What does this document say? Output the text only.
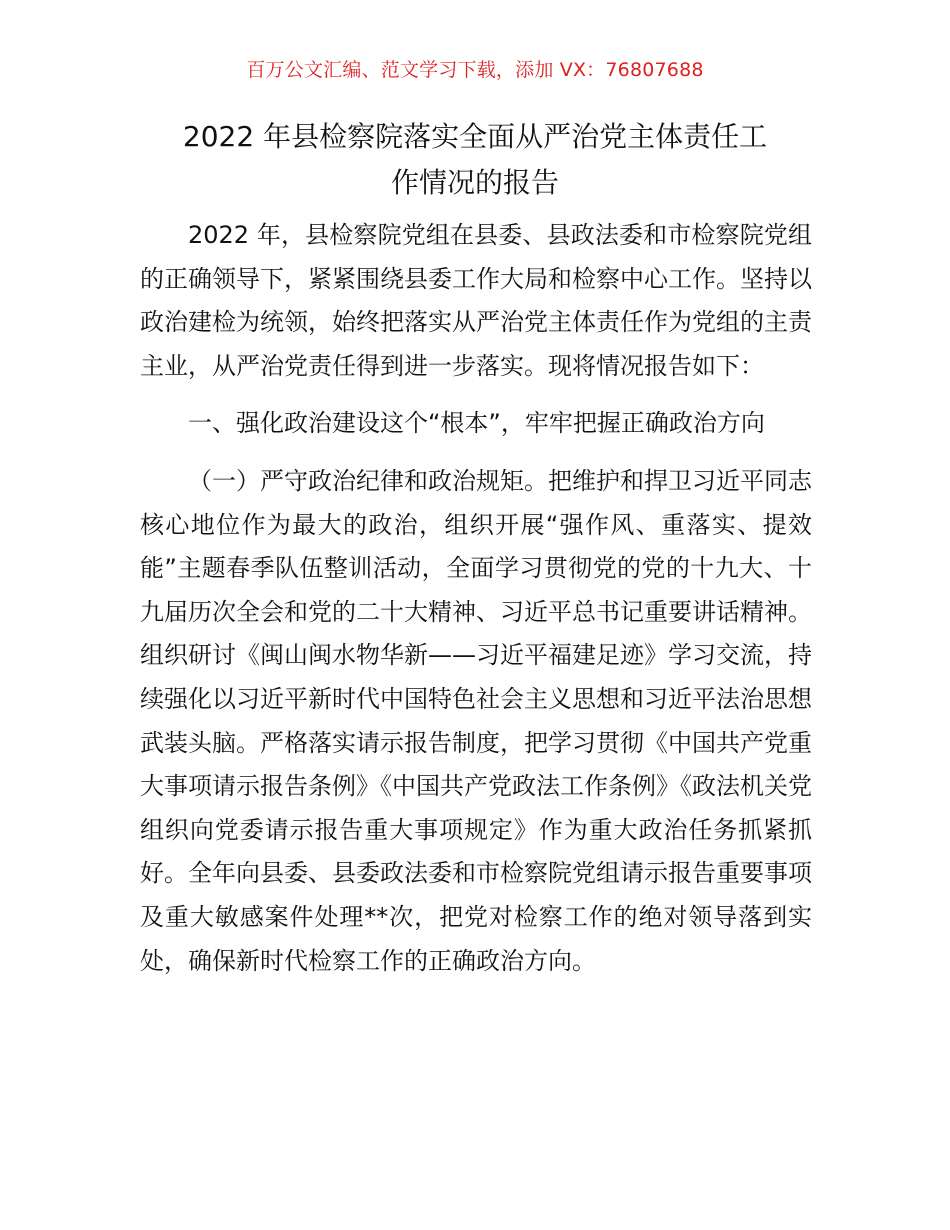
百万公文汇编、范文学习下载，添加 VX：76807688
2022 年县检察院落实全面从严治党主体责任工
作情况的报告

2022 年，县检察院党组在县委、县政法委和市检察院党组的正确领导下，紧紧围绕县委工作大局和检察中心工作。坚持以政治建检为统领，始终把落实从严治党主体责任作为党组的主责主业，从严治党责任得到进一步落实。现将情况报告如下：

一、强化政治建设这个“根本”，牢牢把握正确政治方向

（一）严守政治纪律和政治规矩。把维护和捍卫习近平同志核心地位作为最大的政治，组织开展“强作风、重落实、提效能”主题春季队伍整训活动，全面学习贯彻党的党的十九大、十九届历次全会和党的二十大精神、习近平总书记重要讲话精神。组织研讨《闽山闽水物华新——习近平福建足迹》学习交流，持续强化以习近平新时代中国特色社会主义思想和习近平法治思想武装头脑。严格落实请示报告制度，把学习贯彻《中国共产党重大事项请示报告条例》《中国共产党政法工作条例》《政法机关党组织向党委请示报告重大事项规定》作为重大政治任务抓紧抓好。全年向县委、县委政法委和市检察院党组请示报告重要事项及重大敏感案件处理**次，把党对检察工作的绝对领导落到实处，确保新时代检察工作的正确政治方向。
